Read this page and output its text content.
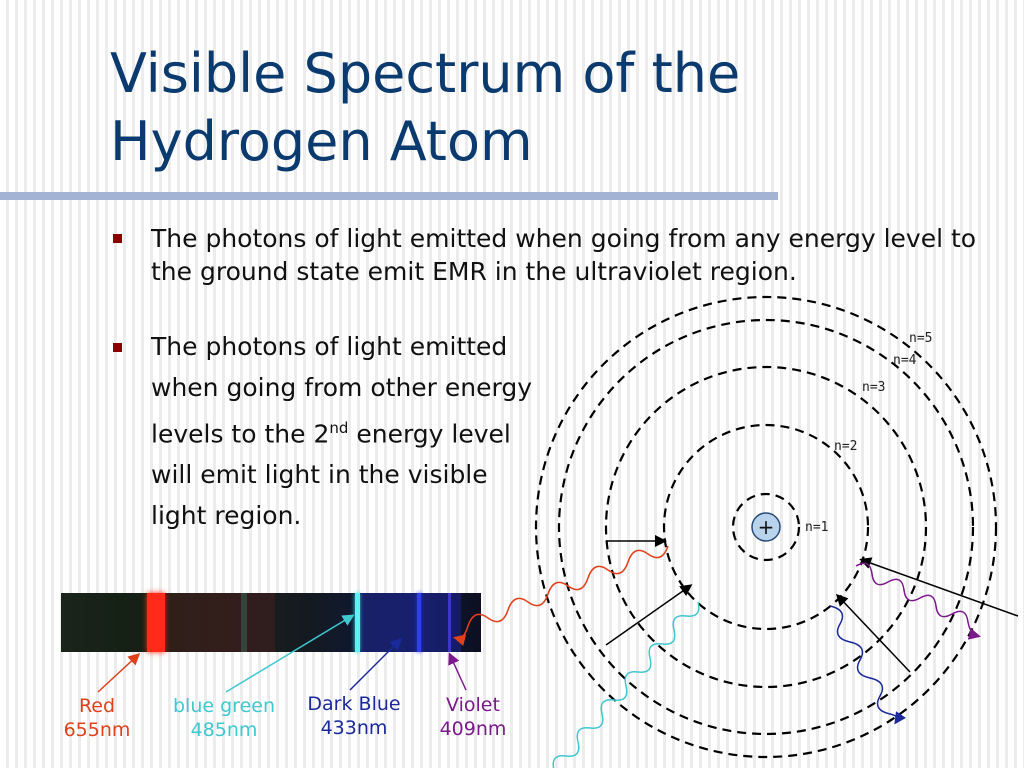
Visible Spectrum of the
Hydrogen Atom
The photons of light emitted when going from any energy level to the ground state emit EMR in the ultraviolet region.
The photons of light emitted when going from other energy levels to the 2nd energy level will emit light in the visible light region.
Red
655nm
blue green
485nm
Dark Blue
433nm
Violet
409nm
+ n=1
n=2
n=3
n=4
n=5
